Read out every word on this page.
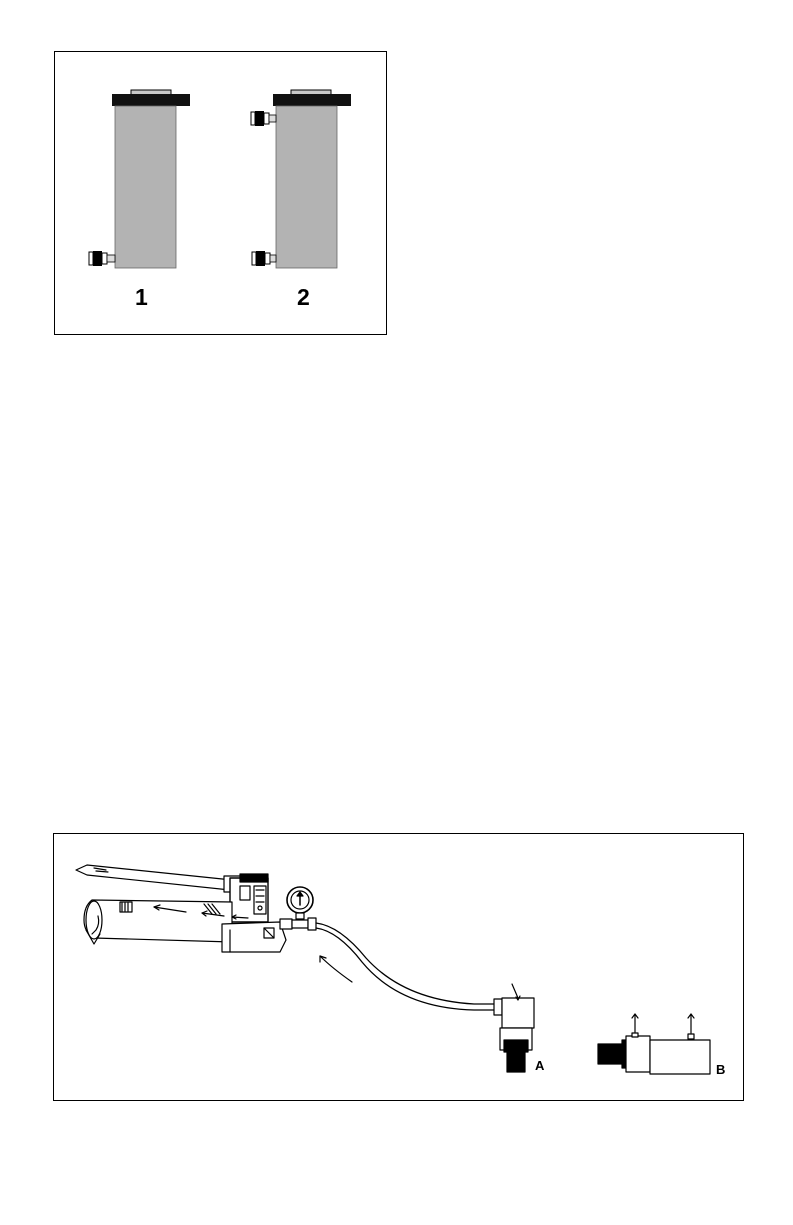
1	2
A	B
